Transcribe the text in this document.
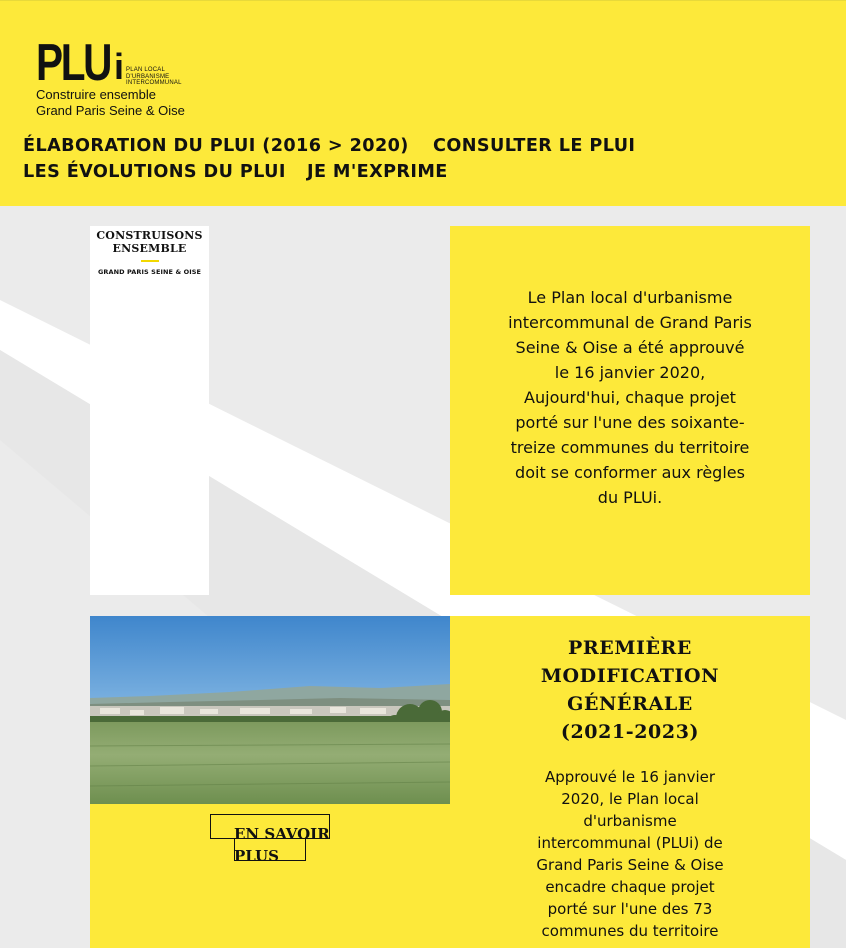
PLU i PLAN LOCAL
D'URBANISME
INTERCOMMUNAL
Construire ensemble
Grand Paris Seine & Oise
ÉLABORATION DU PLUI (2016 > 2020) CONSULTER LE PLUI
LES ÉVOLUTIONS DU PLUI JE M'EXPRIME
CONSTRUISONS
ENSEMBLE
GRAND PARIS SEINE & OISE

Le Plan local d'urbanisme intercommunal de Grand Paris Seine & Oise a été approuvé le 16 janvier 2020, Aujourd'hui, chaque projet porté sur l'une des soixante-treize communes du territoire doit se conformer aux règles du PLUi.

EN SAVOIR PLUS
PREMIÈRE MODIFICATION GÉNÉRALE (2021-2023)

Approuvé le 16 janvier 2020, le Plan local d'urbanisme intercommunal (PLUi) de Grand Paris Seine & Oise encadre chaque projet porté sur l'une des 73 communes du territoire
